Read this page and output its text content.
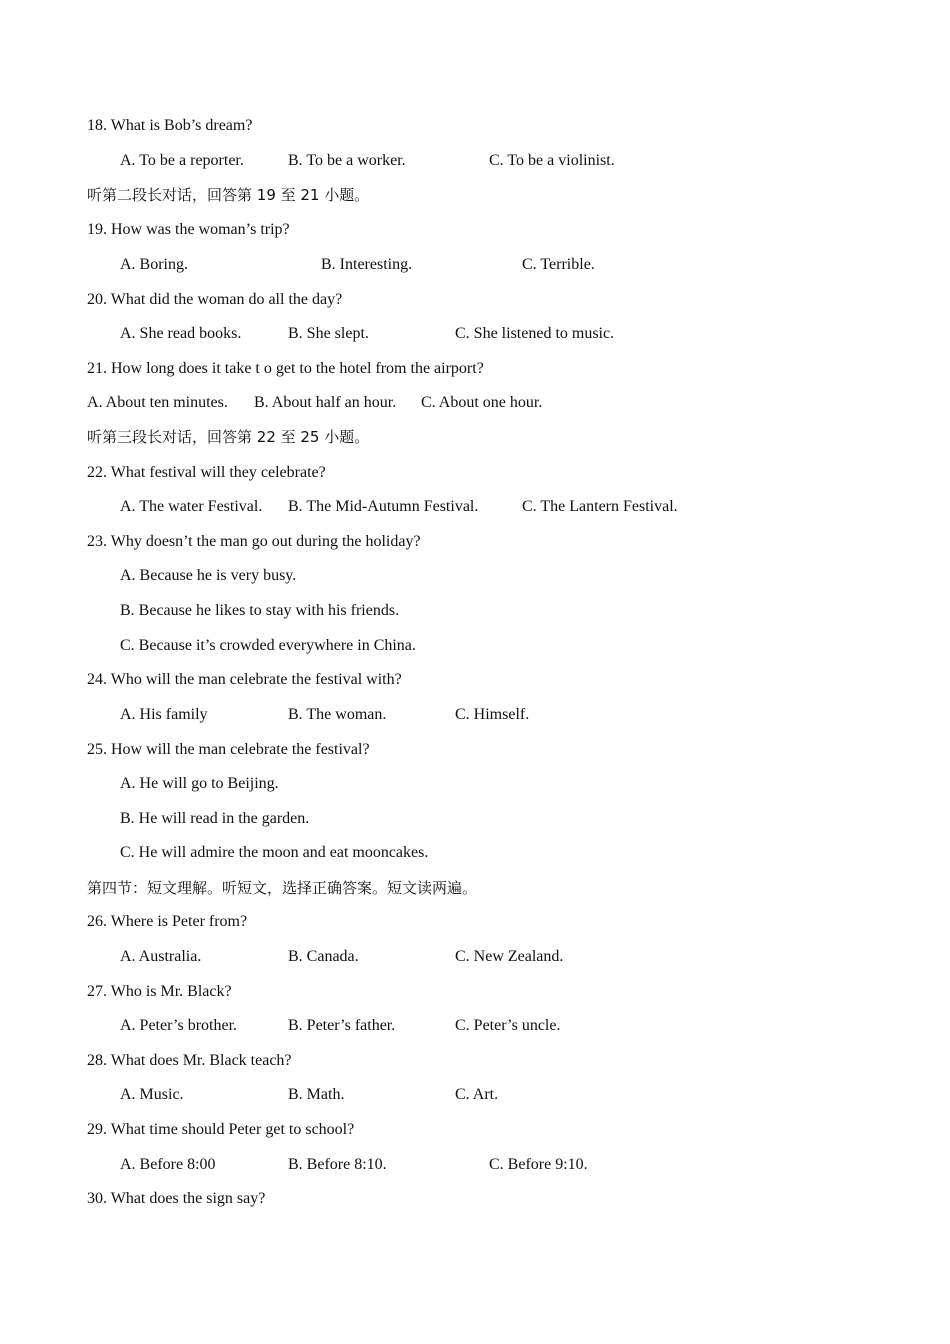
18. What is Bob’s dream?
A. To be a reporter.	B. To be a worker.	C. To be a violinist.
听第二段长对话，回答第 19 至 21 小题。
19. How was the woman’s trip?
A. Boring.	B. Interesting.	C. Terrible.
20. What did the woman do all the day?
A. She read books.	B. She slept.	C. She listened to music.
21. How long does it take t o get to the hotel from the airport?
A. About ten minutes. B. About half an hour. C. About one hour.
听第三段长对话，回答第 22 至 25 小题。
22. What festival will they celebrate?
A. The water Festival. B. The Mid-Autumn Festival.	C. The Lantern Festival.
23. Why doesn’t the man go out during the holiday?
A. Because he is very busy.
B. Because he likes to stay with his friends.
C. Because it’s crowded everywhere in China.
24. Who will the man celebrate the festival with?
A. His family	B. The woman.	C. Himself.
25. How will the man celebrate the festival?
A. He will go to Beijing.
B. He will read in the garden.
C. He will admire the moon and eat mooncakes.
第四节：短文理解。听短文，选择正确答案。短文读两遍。
26. Where is Peter from?
A. Australia.	B. Canada.	C. New Zealand.
27. Who is Mr. Black?
A. Peter’s brother.	B. Peter’s father.	C. Peter’s uncle.
28. What does Mr. Black teach?
A. Music.	B. Math.	C. Art.
29. What time should Peter get to school?
A. Before 8:00	B. Before 8:10.	C. Before 9:10.
30. What does the sign say?
